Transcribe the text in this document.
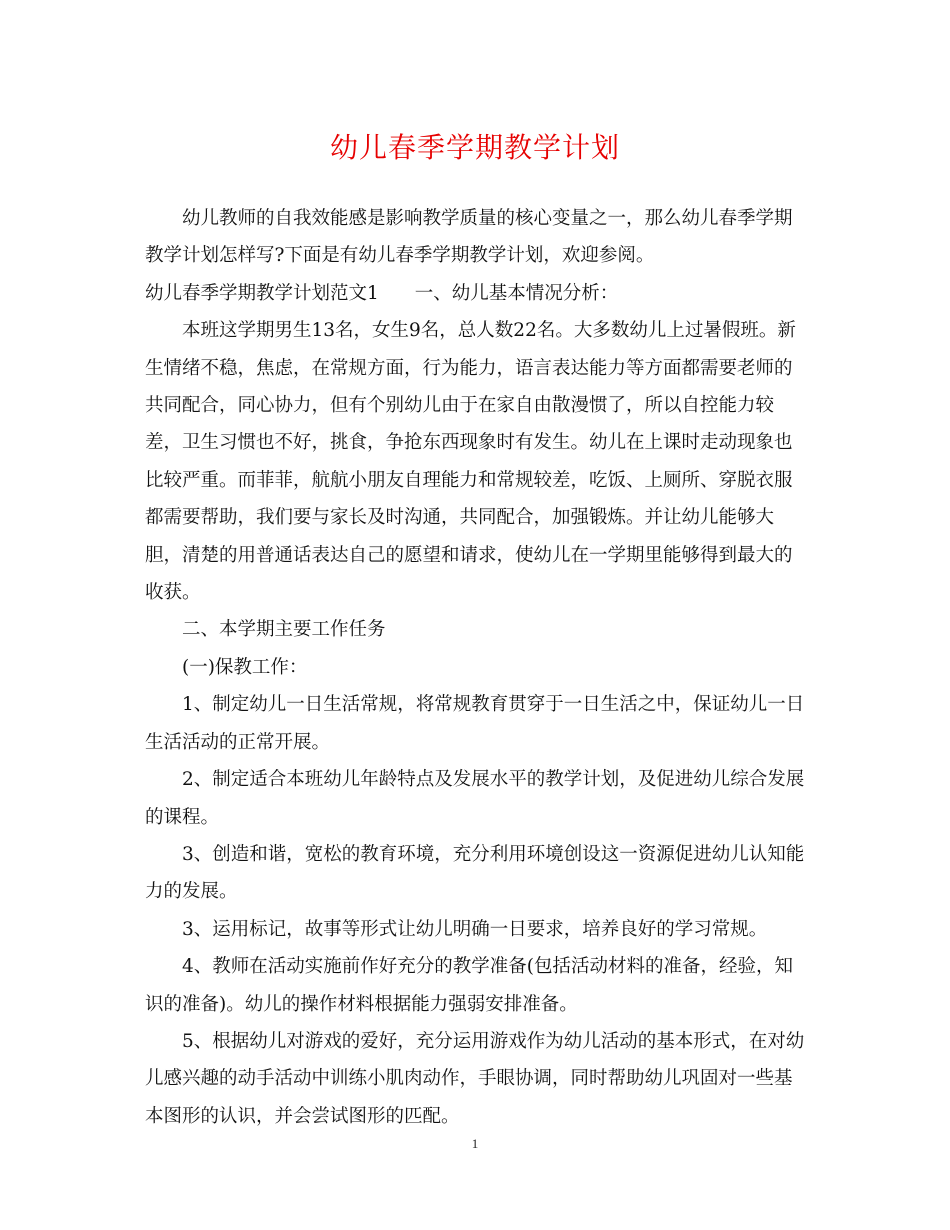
幼儿春季学期教学计划

幼儿教师的自我效能感是影响教学质量的核心变量之一，那么幼儿春季学期教学计划怎样写?下面是有幼儿春季学期教学计划，欢迎参阅。

幼儿春季学期教学计划范文1 一、幼儿基本情况分析：

本班这学期男生13名，女生9名，总人数22名。大多数幼儿上过暑假班。新生情绪不稳，焦虑，在常规方面，行为能力，语言表达能力等方面都需要老师的共同配合，同心协力，但有个别幼儿由于在家自由散漫惯了，所以自控能力较差，卫生习惯也不好，挑食，争抢东西现象时有发生。幼儿在上课时走动现象也比较严重。而菲菲，航航小朋友自理能力和常规较差，吃饭、上厕所、穿脱衣服都需要帮助，我们要与家长及时沟通，共同配合，加强锻炼。并让幼儿能够大胆，清楚的用普通话表达自己的愿望和请求，使幼儿在一学期里能够得到最大的收获。

二、本学期主要工作任务

(一)保教工作：

1、制定幼儿一日生活常规，将常规教育贯穿于一日生活之中，保证幼儿一日生活活动的正常开展。

2、制定适合本班幼儿年龄特点及发展水平的教学计划，及促进幼儿综合发展的课程。

3、创造和谐，宽松的教育环境，充分利用环境创设这一资源促进幼儿认知能力的发展。

3、运用标记，故事等形式让幼儿明确一日要求，培养良好的学习常规。

4、教师在活动实施前作好充分的教学准备(包括活动材料的准备，经验，知识的准备)。幼儿的操作材料根据能力强弱安排准备。

5、根据幼儿对游戏的爱好，充分运用游戏作为幼儿活动的基本形式，在对幼儿感兴趣的动手活动中训练小肌肉动作，手眼协调，同时帮助幼儿巩固对一些基本图形的认识，并会尝试图形的匹配。

1
